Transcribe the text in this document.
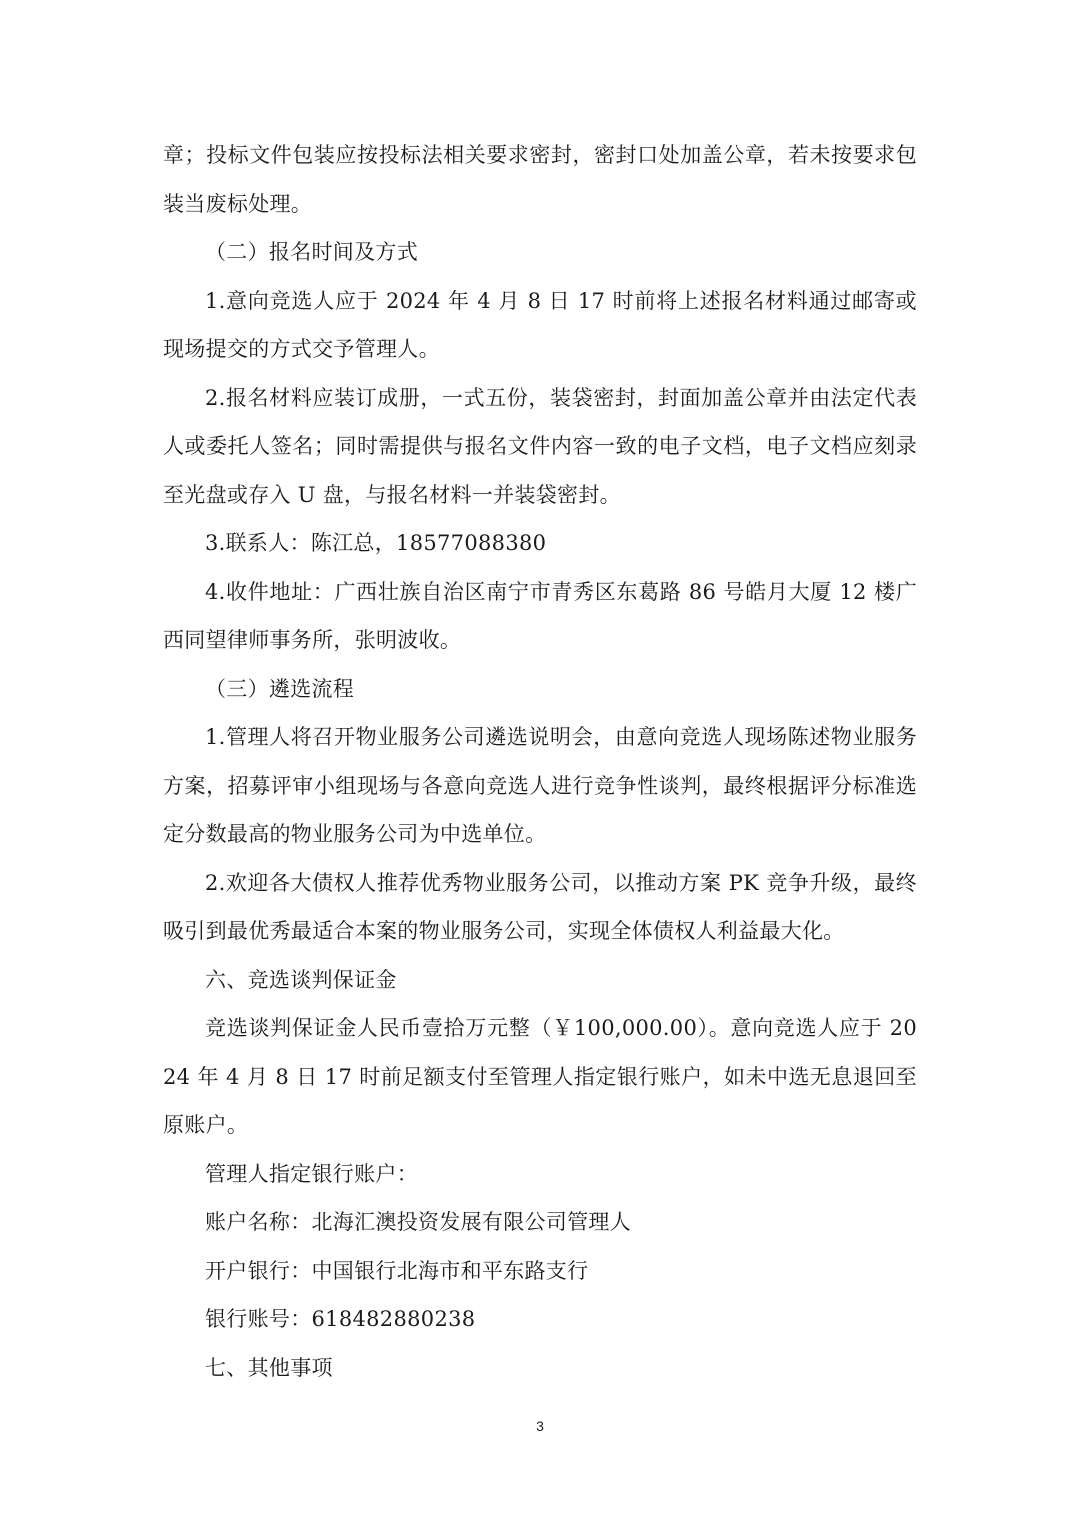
章；投标文件包装应按投标法相关要求密封，密封口处加盖公章，若未按要求包装当废标处理。

（二）报名时间及方式

1.意向竞选人应于 2024 年 4 月 8 日 17 时前将上述报名材料通过邮寄或现场提交的方式交予管理人。

2.报名材料应装订成册，一式五份，装袋密封，封面加盖公章并由法定代表人或委托人签名；同时需提供与报名文件内容一致的电子文档，电子文档应刻录至光盘或存入 U 盘，与报名材料一并装袋密封。

3.联系人：陈江总，18577088380

4.收件地址：广西壮族自治区南宁市青秀区东葛路 86 号皓月大厦 12 楼广西同望律师事务所，张明波收。

（三）遴选流程

1.管理人将召开物业服务公司遴选说明会，由意向竞选人现场陈述物业服务方案，招募评审小组现场与各意向竞选人进行竞争性谈判，最终根据评分标准选定分数最高的物业服务公司为中选单位。

2.欢迎各大债权人推荐优秀物业服务公司，以推动方案 PK 竞争升级，最终吸引到最优秀最适合本案的物业服务公司，实现全体债权人利益最大化。

六、竞选谈判保证金

竞选谈判保证金人民币壹拾万元整（￥100,000.00）。意向竞选人应于 2024 年 4 月 8 日 17 时前足额支付至管理人指定银行账户，如未中选无息退回至原账户。

管理人指定银行账户：

账户名称：北海汇澳投资发展有限公司管理人

开户银行：中国银行北海市和平东路支行

银行账号：618482880238

七、其他事项

3
